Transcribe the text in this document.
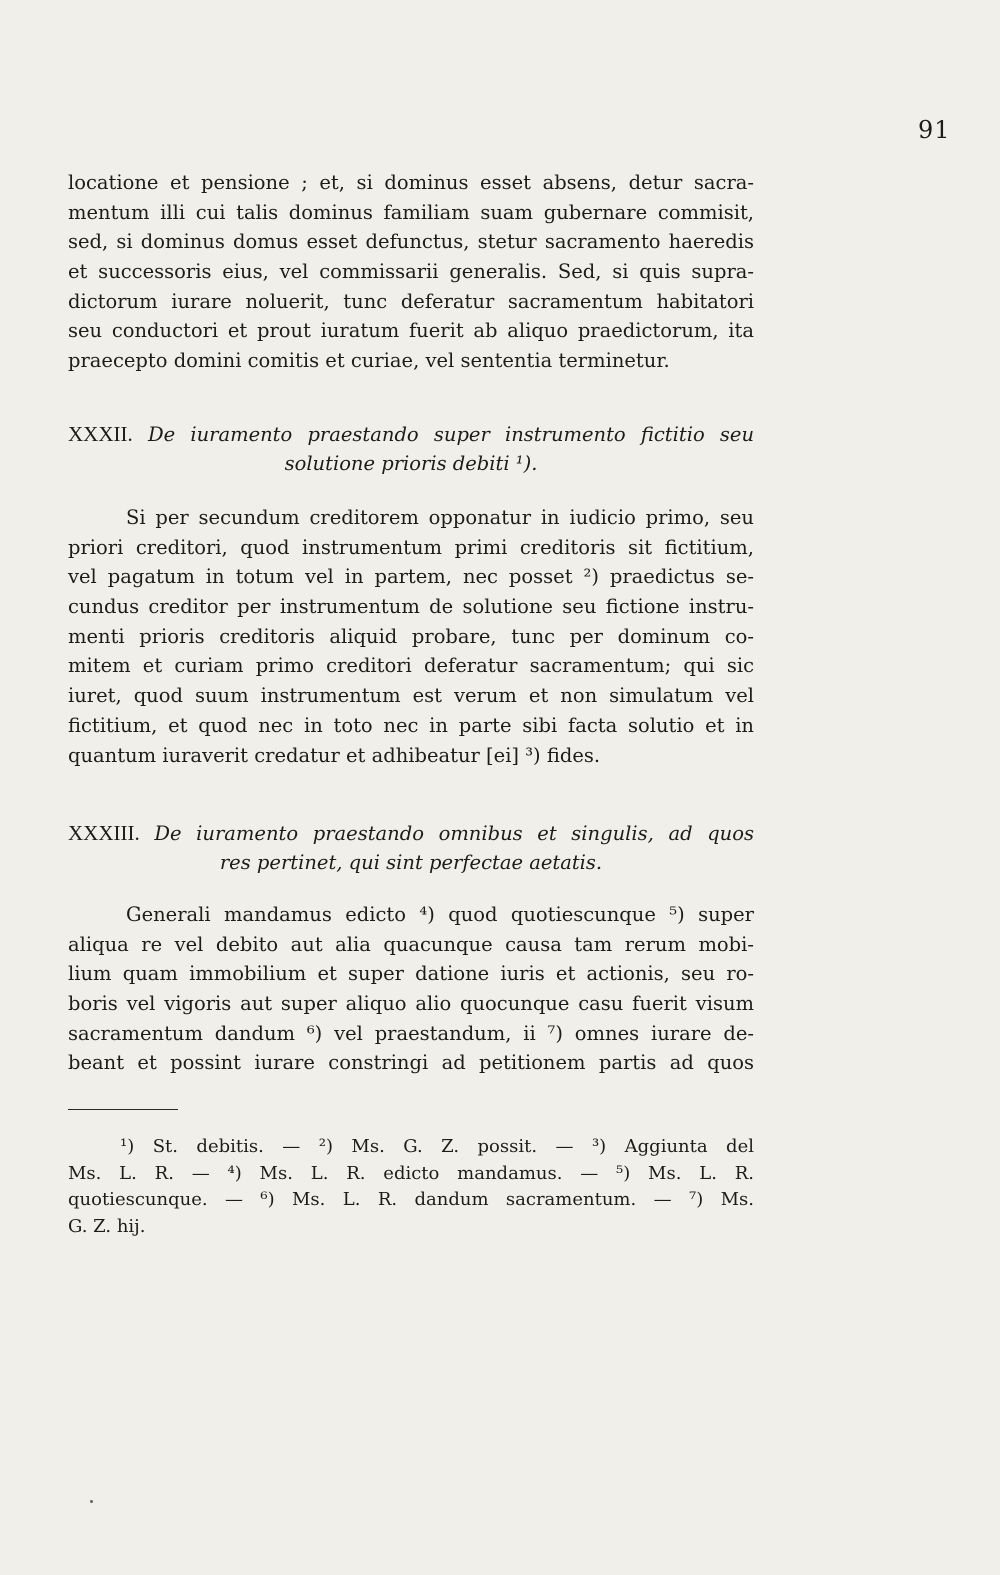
91
locatione et pensione ; et, si dominus esset absens, detur sacra-
mentum illi cui talis dominus familiam suam gubernare commisit,
sed, si dominus domus esset defunctus, stetur sacramento haeredis
et successoris eius, vel commissarii generalis. Sed, si quis supra-
dictorum iurare noluerit, tunc deferatur sacramentum habitatori
seu conductori et prout iuratum fuerit ab aliquo praedictorum, ita
praecepto domini comitis et curiae, vel sententia terminetur.
XXXII. De iuramento praestando super instrumento fictitio seu
solutione prioris debiti ¹).
Si per secundum creditorem opponatur in iudicio primo, seu
priori creditori, quod instrumentum primi creditoris sit fictitium,
vel pagatum in totum vel in partem, nec posset ²) praedictus se-
cundus creditor per instrumentum de solutione seu fictione instru-
menti prioris creditoris aliquid probare, tunc per dominum co-
mitem et curiam primo creditori deferatur sacramentum; qui sic
iuret, quod suum instrumentum est verum et non simulatum vel
fictitium, et quod nec in toto nec in parte sibi facta solutio et in
quantum iuraverit credatur et adhibeatur [ei] ³) fides.
XXXIII. De iuramento praestando omnibus et singulis, ad quos
res pertinet, qui sint perfectae aetatis.
Generali mandamus edicto ⁴) quod quotiescunque ⁵) super
aliqua re vel debito aut alia quacunque causa tam rerum mobi-
lium quam immobilium et super datione iuris et actionis, seu ro-
boris vel vigoris aut super aliquo alio quocunque casu fuerit visum
sacramentum dandum ⁶) vel praestandum, ii ⁷) omnes iurare de-
beant et possint iurare constringi ad petitionem partis ad quos
¹) St. debitis. — ²) Ms. G. Z. possit. — ³) Aggiunta del
Ms. L. R. — ⁴) Ms. L. R. edicto mandamus. — ⁵) Ms. L. R.
quotiescunque. — ⁶) Ms. L. R. dandum sacramentum. — ⁷) Ms.
G. Z. hij.
